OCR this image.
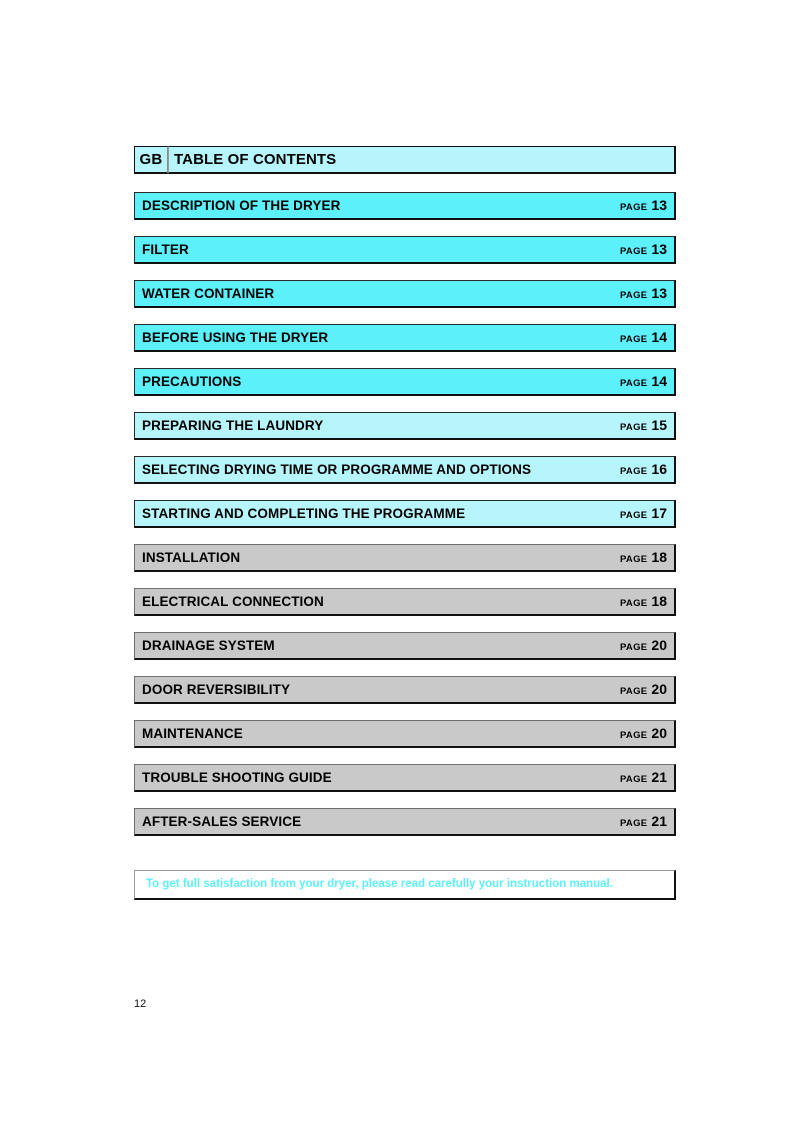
GB TABLE OF CONTENTS
DESCRIPTION OF THE DRYER	PAGE 13
FILTER	PAGE 13
WATER CONTAINER	PAGE 13
BEFORE USING THE DRYER	PAGE 14
PRECAUTIONS	PAGE 14
PREPARING THE LAUNDRY	PAGE 15
SELECTING DRYING TIME OR PROGRAMME AND OPTIONS	PAGE 16
STARTING AND COMPLETING THE PROGRAMME	PAGE 17
INSTALLATION	PAGE 18
ELECTRICAL CONNECTION	PAGE 18
DRAINAGE SYSTEM	PAGE 20
DOOR REVERSIBILITY	PAGE 20
MAINTENANCE	PAGE 20
TROUBLE SHOOTING GUIDE	PAGE 21
AFTER-SALES SERVICE	PAGE 21
To get full satisfaction from your dryer, please read carefully your instruction manual.
12
